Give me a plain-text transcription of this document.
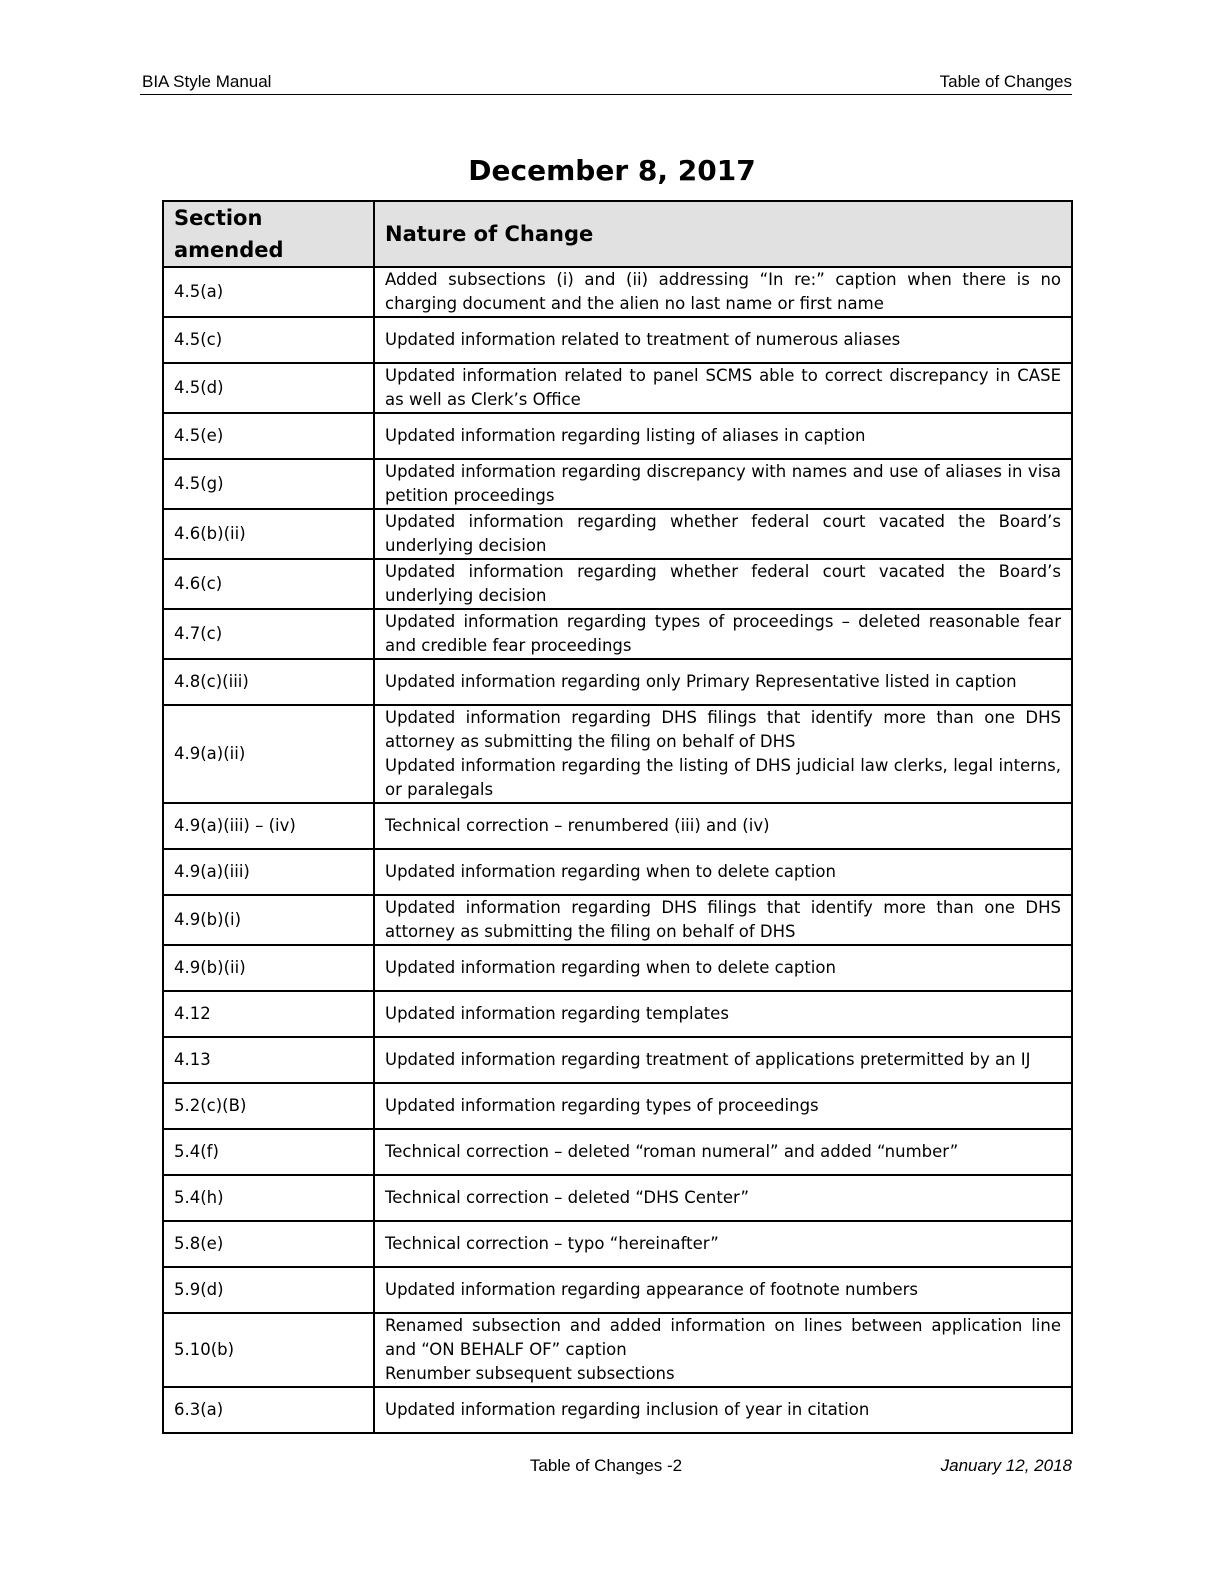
BIA Style Manual	Table of Changes
December 8, 2017
Section amended	Nature of Change
4.5(a)	Added subsections (i) and (ii) addressing “In re:” caption when there is no charging document and the alien no last name or first name

4.5(c)	Updated information related to treatment of numerous aliases

4.5(d)	Updated information related to panel SCMS able to correct discrepancy in CASE as well as Clerk’s Office

4.5(e)	Updated information regarding listing of aliases in caption

4.5(g)	Updated information regarding discrepancy with names and use of aliases in visa petition proceedings

4.6(b)(ii)	Updated information regarding whether federal court vacated the Board’s underlying decision

4.6(c)	Updated information regarding whether federal court vacated the Board’s underlying decision

4.7(c)	Updated information regarding types of proceedings – deleted reasonable fear and credible fear proceedings

4.8(c)(iii)	Updated information regarding only Primary Representative listed in caption

4.9(a)(ii)	Updated information regarding DHS filings that identify more than one DHS attorney as submitting the filing on behalf of DHS
Updated information regarding the listing of DHS judicial law clerks, legal interns, or paralegals

4.9(a)(iii) – (iv)	Technical correction – renumbered (iii) and (iv)

4.9(a)(iii)	Updated information regarding when to delete caption

4.9(b)(i)	Updated information regarding DHS filings that identify more than one DHS attorney as submitting the filing on behalf of DHS

4.9(b)(ii)	Updated information regarding when to delete caption

4.12	Updated information regarding templates

4.13	Updated information regarding treatment of applications pretermitted by an IJ

5.2(c)(B)	Updated information regarding types of proceedings

5.4(f)	Technical correction – deleted “roman numeral” and added “number”

5.4(h)	Technical correction – deleted “DHS Center”

5.8(e)	Technical correction – typo “hereinafter”

5.9(d)	Updated information regarding appearance of footnote numbers

5.10(b)	Renamed subsection and added information on lines between application line and “ON BEHALF OF” caption
Renumber subsequent subsections

6.3(a)	Updated information regarding inclusion of year in citation
Table of Changes -2	January 12, 2018
